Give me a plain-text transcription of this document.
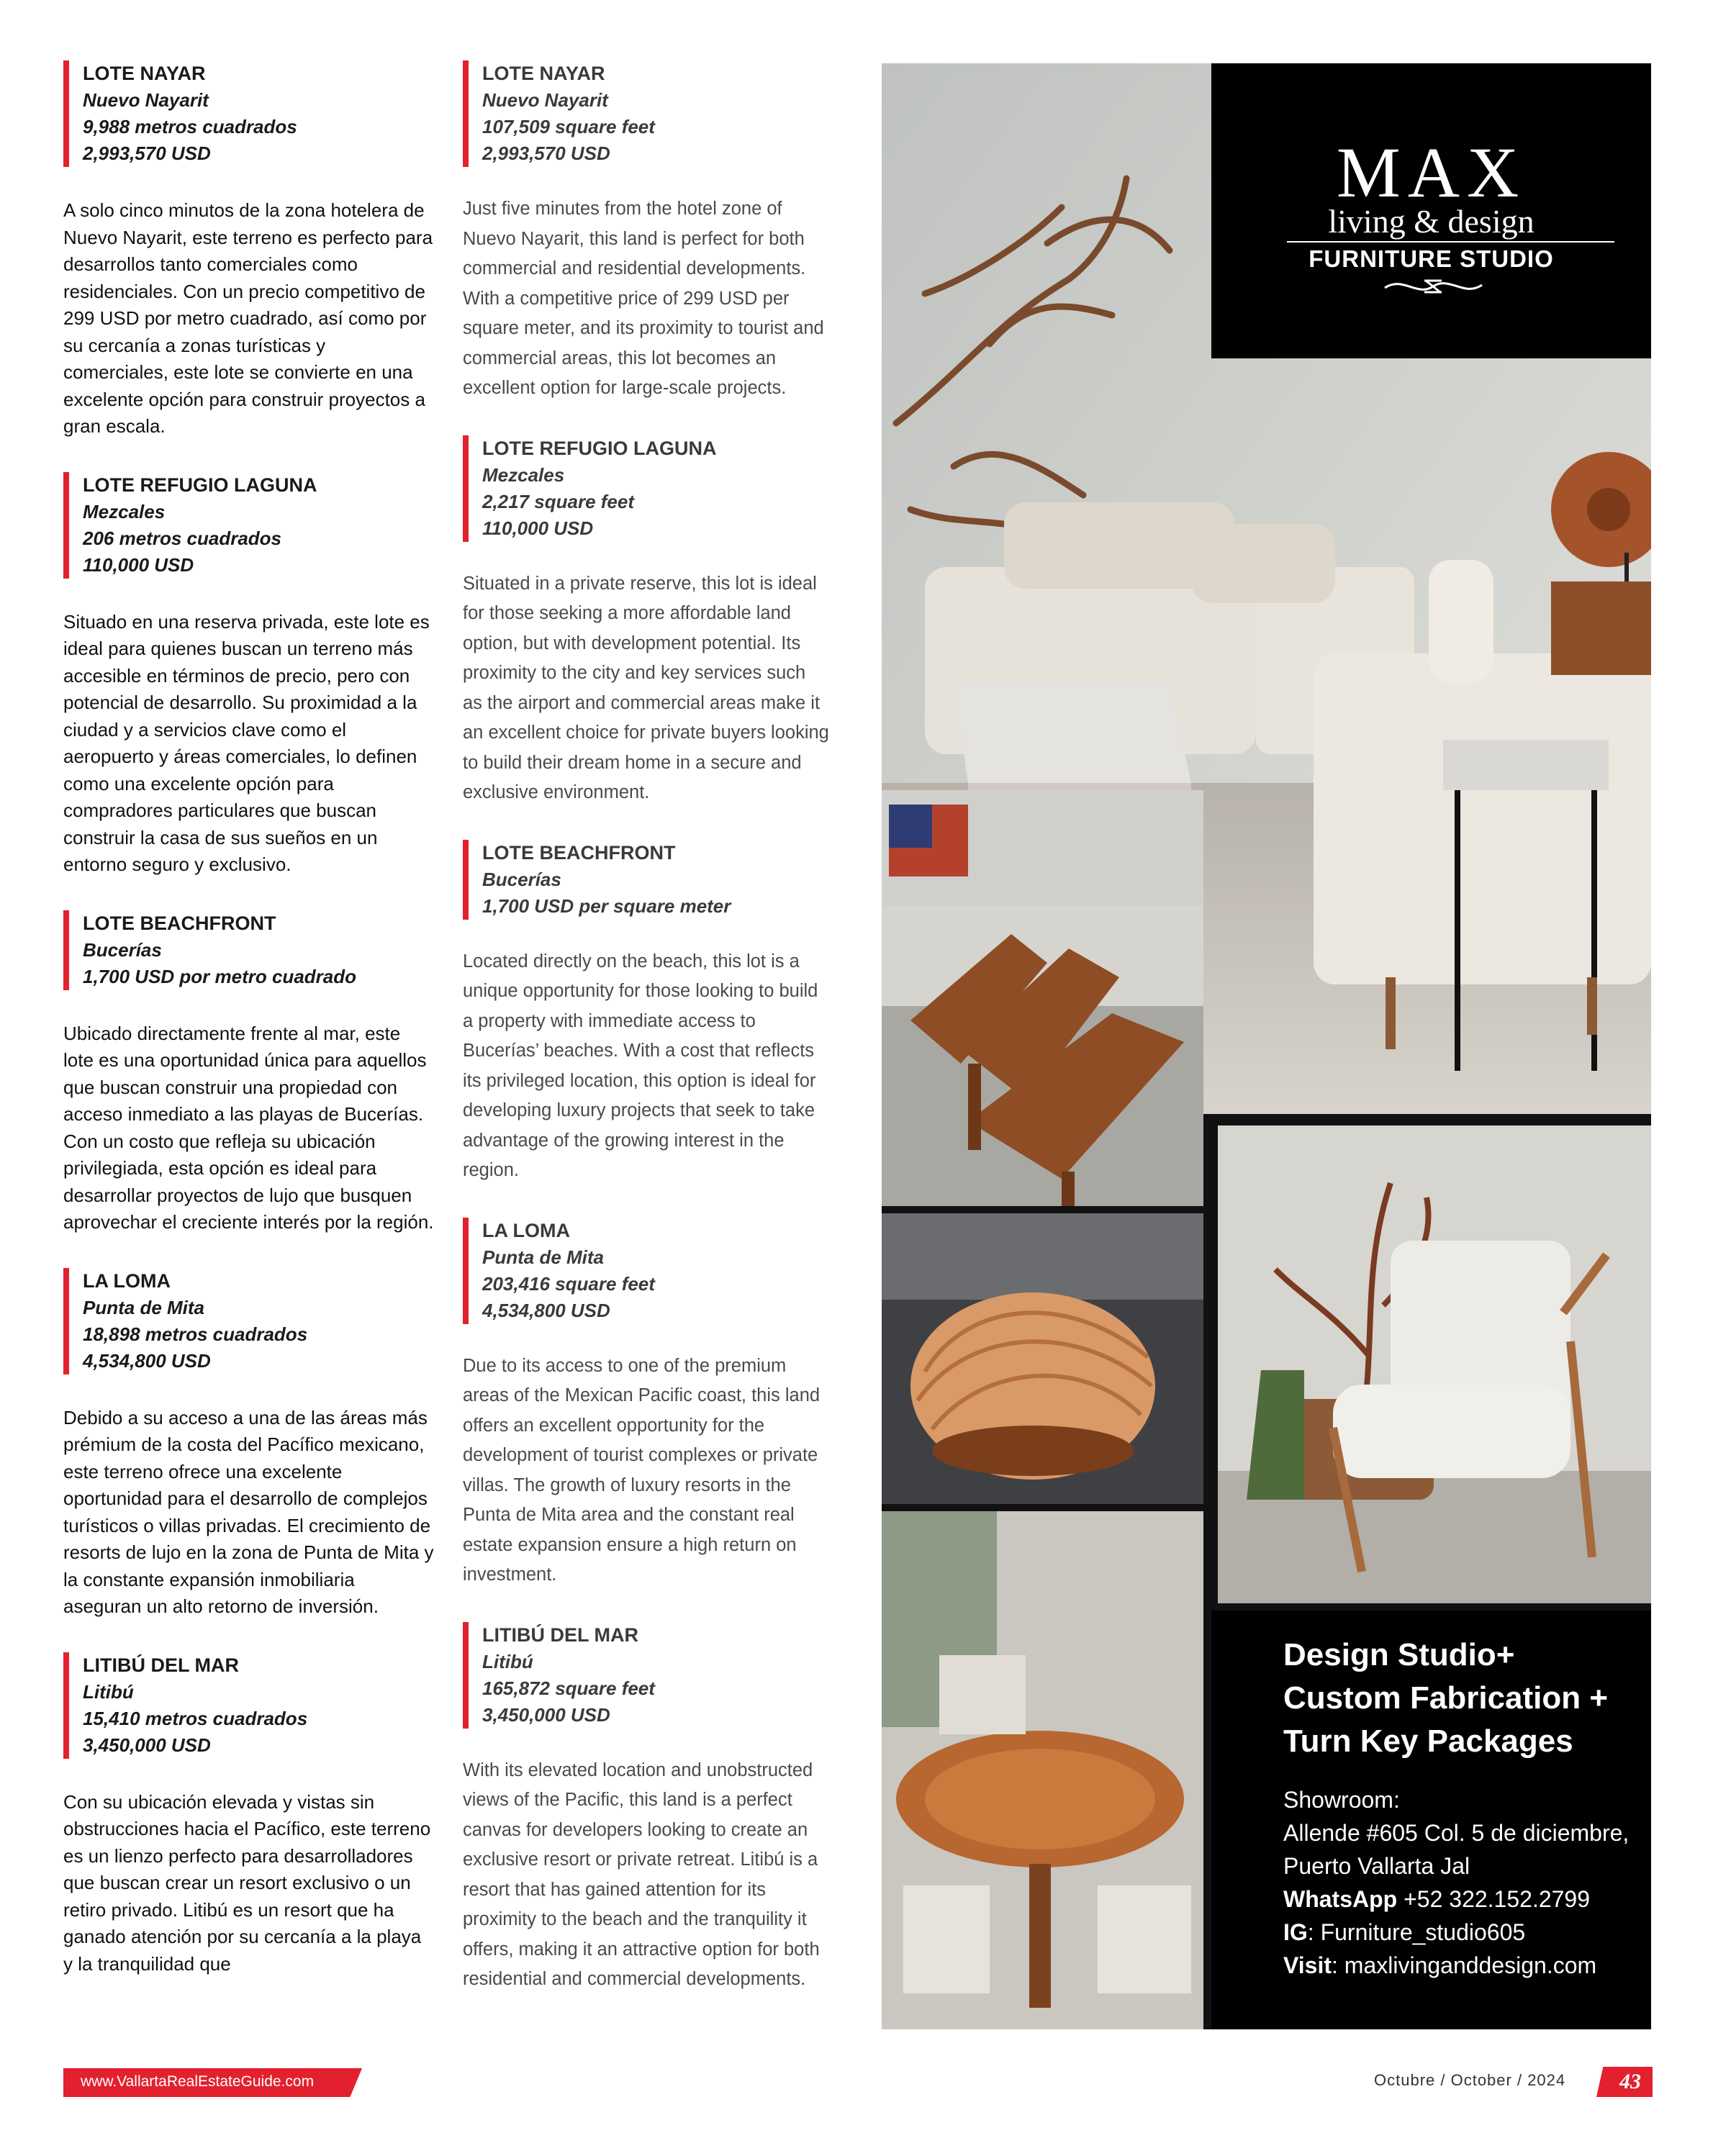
LOTE NAYAR
Nuevo Nayarit
9,988 metros cuadrados
2,993,570 USD

A solo cinco minutos de la zona hotelera de Nuevo Nayarit, este terreno es perfecto para desarrollos tanto comerciales como residenciales. Con un precio competitivo de 299 USD por metro cuadrado, así como por su cercanía a zonas turísticas y comerciales, este lote se convierte en una excelente opción para construir proyectos a gran escala.

LOTE REFUGIO LAGUNA
Mezcales
206 metros cuadrados
110,000 USD

Situado en una reserva privada, este lote es ideal para quienes buscan un terreno más accesible en términos de precio, pero con potencial de desarrollo. Su proximidad a la ciudad y a servicios clave como el aeropuerto y áreas comerciales, lo definen como una excelente opción para compradores particulares que buscan construir la casa de sus sueños en un entorno seguro y exclusivo.

LOTE BEACHFRONT
Bucerías
1,700 USD por metro cuadrado

Ubicado directamente frente al mar, este lote es una oportunidad única para aquellos que buscan construir una propiedad con acceso inmediato a las playas de Bucerías. Con un costo que refleja su ubicación privilegiada, esta opción es ideal para desarrollar proyectos de lujo que busquen aprovechar el creciente interés por la región.

LA LOMA
Punta de Mita
18,898 metros cuadrados
4,534,800 USD

Debido a su acceso a una de las áreas más prémium de la costa del Pacífico mexicano, este terreno ofrece una excelente oportunidad para el desarrollo de complejos turísticos o villas privadas. El crecimiento de resorts de lujo en la zona de Punta de Mita y la constante expansión inmobiliaria aseguran un alto retorno de inversión.

LITIBÚ DEL MAR
Litibú
15,410 metros cuadrados
3,450,000 USD

Con su ubicación elevada y vistas sin obstrucciones hacia el Pacífico, este terreno es un lienzo perfecto para desarrolladores que buscan crear un resort exclusivo o un retiro privado. Litibú es un resort que ha ganado atención por su cercanía a la playa y la tranquilidad que

LOTE NAYAR
Nuevo Nayarit
107,509 square feet
2,993,570 USD

Just five minutes from the hotel zone of Nuevo Nayarit, this land is perfect for both commercial and residential developments. With a competitive price of 299 USD per square meter, and its proximity to tourist and commercial areas, this lot becomes an excellent option for large-scale projects.

LOTE REFUGIO LAGUNA
Mezcales
2,217 square feet
110,000 USD

Situated in a private reserve, this lot is ideal for those seeking a more affordable land option, but with development potential. Its proximity to the city and key services such as the airport and commercial areas make it an excellent choice for private buyers looking to build their dream home in a secure and exclusive environment.

LOTE BEACHFRONT
Bucerías
1,700 USD per square meter

Located directly on the beach, this lot is a unique opportunity for those looking to build a property with immediate access to Bucerías’ beaches. With a cost that reflects its privileged location, this option is ideal for developing luxury projects that seek to take advantage of the growing interest in the region.

LA LOMA
Punta de Mita
203,416 square feet
4,534,800 USD

Due to its access to one of the premium areas of the Mexican Pacific coast, this land offers an excellent opportunity for the development of tourist complexes or private villas. The growth of luxury resorts in the Punta de Mita area and the constant real estate expansion ensure a high return on investment.

LITIBÚ DEL MAR
Litibú
165,872 square feet
3,450,000 USD

With its elevated location and unobstructed views of the Pacific, this land is a perfect canvas for developers looking to create an exclusive resort or private retreat. Litibú is a resort that has gained attention for its proximity to the beach and the tranquility it offers, making it an attractive option for both residential and commercial developments.

MAX
living & design
FURNITURE STUDIO
Design Studio+
Custom Fabrication +
Turn Key Packages
Showroom:
Allende #605 Col. 5 de diciembre,
Puerto Vallarta Jal
WhatsApp +52 322.152.2799
IG: Furniture_studio605
Visit: maxlivinganddesign.com
www.VallartaRealEstateGuide.com	Octubre / October / 2024	43
